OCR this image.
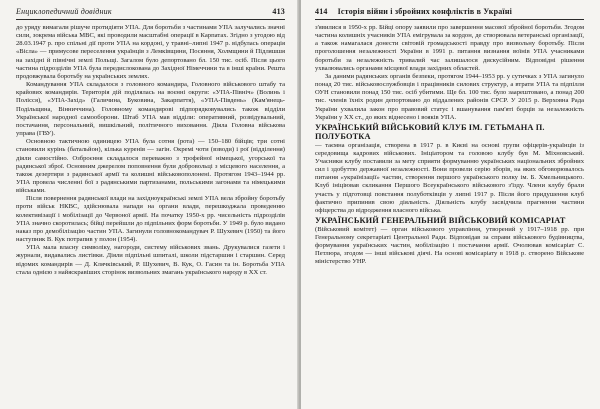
Енциклопедичний довідник	413

до уряду вимагали рішуче протидіяти УПА. Для боротьби з частинами УПА залучались значні сили, зокрема війська МВС, які проводили масштабні операції в Карпатах. Згідно з угодою від 28.03.1947 р. про спільні дії проти УПА на кордоні, у травні–липні 1947 р. відбулась операція «Вісла» — примусове переселення українців з Лемківщини, Посяння, Холмщини й Підляшшя на західні й північні землі Польщі. Загалом було депортовано бл. 150 тис. осіб. Після цього частина підрозділів УПА була передислокована до Західної Німеччини та в інші країни. Решта продовжувала боротьбу на українських землях.

Командування УПА складалося з головного командира, Головного військового штабу та крайових командирів. Територія дій поділялась на воєнні округи: «УПА-Північ» (Волинь і Полісся), «УПА-Захід» (Галичина, Буковина, Закарпаття), «УПА-Південь» (Кам'янець-Подільщина, Вінниччина). Головному командирові підпорядковувались також відділи Української народної самооборони. Штаб УПА мав відділи: оперативний, розвідувальний, постачання, персональний, вишкільний, політичного виховання. Діяла Головна військова управа (ГВУ).

Основною тактичною одиницею УПА була сотня (рота) — 150–180 бійців; три сотні становили курінь (батальйон), кілька куренів — загін. Окремі чоти (взводи) і рої (відділення) діяли самостійно. Озброєння складалося переважно з трофейної німецької, угорської та радянської зброї. Основним джерелом поповнення були добровольці з місцевого населення, а також дезертири з радянської армії та колишні військовополонені. Протягом 1943–1944 рр. УПА провела численні бої з радянськими партизанами, польськими загонами та німецькими військами.

Після повернення радянської влади на західноукраїнські землі УПА вела збройну боротьбу проти військ НКВС, здійснювала напади на органи влади, перешкоджала проведенню колективізації і мобілізації до Червоної армії. На початку 1950-х рр. чисельність підрозділів УПА значно скоротилась; бійці перейшли до підпільних форм боротьби. У 1949 р. було видано наказ про демобілізацію частин УПА. Загинули головнокомандувач Р. Шухевич (1950) та його наступник В. Кук потрапив у полон (1954).

УПА мала власну символіку, нагороди, систему військових звань. Друкувалися газети і журнали, видавались листівки. Діяли підпільні шпиталі, школи підстаршин і старшин. Серед відомих командирів — Д. Клячківський, Р. Шухевич, В. Кук, О. Гасин та ін. Боротьба УПА стала однією з найяскравіших сторінок визвольних змагань українського народу в ХХ ст.

414 Історія війни і збройних конфліктів в Україні

з'явилися в 1950-х рр. Бійці опору заявили про завершення масової збройної боротьби. Згодом частина колишніх учасників УПА емігрувала за кордон, де створювала ветеранські організації, а також намагалася донести світовій громадськості правду про визвольну боротьбу. Після проголошення незалежності України в 1991 р. питання визнання воїнів УПА учасниками боротьби за незалежність тривалий час залишалося дискусійним. Відповідні рішення ухвалювались органами місцевої влади західних областей.

За даними радянських органів безпеки, протягом 1944–1953 рр. у сутичках з УПА загинуло понад 20 тис. військовослужбовців і працівників силових структур, а втрати УПА та підпілля ОУН становили понад 150 тис. осіб убитими. Ще бл. 100 тис. було заарештовано, а понад 200 тис. членів їхніх родин депортовано до віддалених районів СРСР. У 2015 р. Верховна Рада України ухвалила закон про правовий статус і вшанування пам'яті борців за незалежність України у ХХ ст., до яких віднесено і вояків УПА.

УКРАЇНСЬКИЙ ВІЙСЬКОВИЙ КЛУБ ІМ. ГЕТЬМАНА П. ПОЛУБОТКА

— таємна організація, створена в 1917 р. в Києві на основі групи офіцерів-українців із середовища кадрових військових. Ініціатором та головою клубу був М. Міхновський. Учасники клубу поставили за мету сприяти формуванню українських національних збройних сил і здобуттю державної незалежності. Вони провели серію зборів, на яких обговорювалось питання «українізації» частин, створення першого українського полку ім. Б. Хмельницького. Клуб ініціював скликання Першого Всеукраїнського військового з'їзду. Члени клубу брали участь у підготовці повстання полуботківців у липні 1917 р. Після його придушення клуб фактично припинив свою діяльність. Діяльність клубу засвідчила прагнення частини офіцерства до відродження власного війська.

УКРАЇНСЬКИЙ ГЕНЕРАЛЬНИЙ ВІЙСЬКОВИЙ КОМІСАРІАТ

(Військовий комітет) — орган військового управління, утворений у 1917–1918 рр. при Генеральному секретаріаті Центральної Ради. Відповідав за справи військового будівництва, формування українських частин, мобілізацію і постачання армії. Очолював комісаріат С. Петлюра, згодом — інші військові діячі. На основі комісаріату в 1918 р. створено Військове міністерство УНР.
